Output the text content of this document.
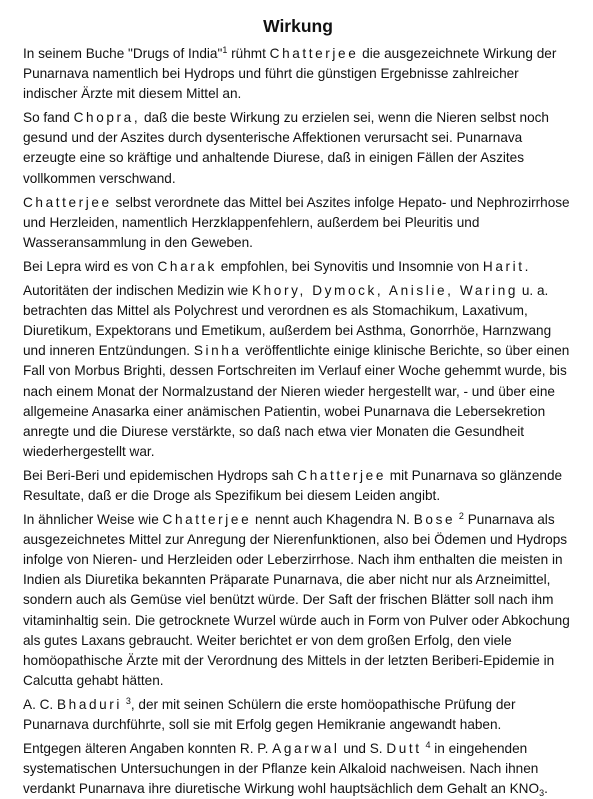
Wirkung

In seinem Buche "Drugs of India"$^1$ rühmt Chatterjee die ausgezeichnete Wirkung der Punarnava namentlich bei Hydrops und führt die günstigen Ergebnisse zahlreicher indischer Ärzte mit diesem Mittel an.

So fand Chopra, daß die beste Wirkung zu erzielen sei, wenn die Nieren selbst noch gesund und der Aszites durch dysenterische Affektionen verursacht sei. Punarnava erzeugte eine so kräftige und anhaltende Diurese, daß in einigen Fällen der Aszites vollkommen verschwand.

Chatterjee selbst verordnete das Mittel bei Aszites infolge Hepato- und Nephrozirrhose und Herzleiden, namentlich Herzklappenfehlern, außerdem bei Pleuritis und Wasseransammlung in den Geweben.

Bei Lepra wird es von Charak empfohlen, bei Synovitis und Insomnie von Harit.

Autoritäten der indischen Medizin wie Khory, Dymock, Anislie, Waring u. a. betrachten das Mittel als Polychrest und verordnen es als Stomachikum, Laxativum, Diuretikum, Expektorans und Emetikum, außerdem bei Asthma, Gonorrhöe, Harnzwang und inneren Entzündungen. Sinha veröffentlichte einige klinische Berichte, so über einen Fall von Morbus Brighti, dessen Fortschreiten im Verlauf einer Woche gehemmt wurde, bis nach einem Monat der Normalzustand der Nieren wieder hergestellt war, - und über eine allgemeine Anasarka einer anämischen Patientin, wobei Punarnava die Lebersekretion anregte und die Diurese verstärkte, so daß nach etwa vier Monaten die Gesundheit wiederhergestellt war.

Bei Beri-Beri und epidemischen Hydrops sah Chatterjee mit Punarnava so glänzende Resultate, daß er die Droge als Spezifikum bei diesem Leiden angibt.

In ähnlicher Weise wie Chatterjee nennt auch Khagendra N. Bose $^2$ Punarnava als ausgezeichnetes Mittel zur Anregung der Nierenfunktionen, also bei Ödemen und Hydrops infolge von Nieren- und Herzleiden oder Leberzirrhose. Nach ihm enthalten die meisten in Indien als Diuretika bekannten Präparate Punarnava, die aber nicht nur als Arzneimittel, sondern auch als Gemüse viel benützt würde. Der Saft der frischen Blätter soll nach ihm vitaminhaltig sein. Die getrocknete Wurzel würde auch in Form von Pulver oder Abkochung als gutes Laxans gebraucht. Weiter berichtet er von dem großen Erfolg, den viele homöopathische Ärzte mit der Verordnung des Mittels in der letzten Beriberi-Epidemie in Calcutta gehabt hätten.

A. C. Bhaduri $^3$, der mit seinen Schülern die erste homöopathische Prüfung der Punarnava durchführte, soll sie mit Erfolg gegen Hemikranie angewandt haben.

Entgegen älteren Angaben konnten R. P. Agarwal und S. Dutt $^4$ in eingehenden systematischen Untersuchungen in der Pflanze kein Alkaloid nachweisen. Nach ihnen verdankt Punarnava ihre diuretische Wirkung wohl hauptsächlich dem Gehalt an $KNO_3$.
